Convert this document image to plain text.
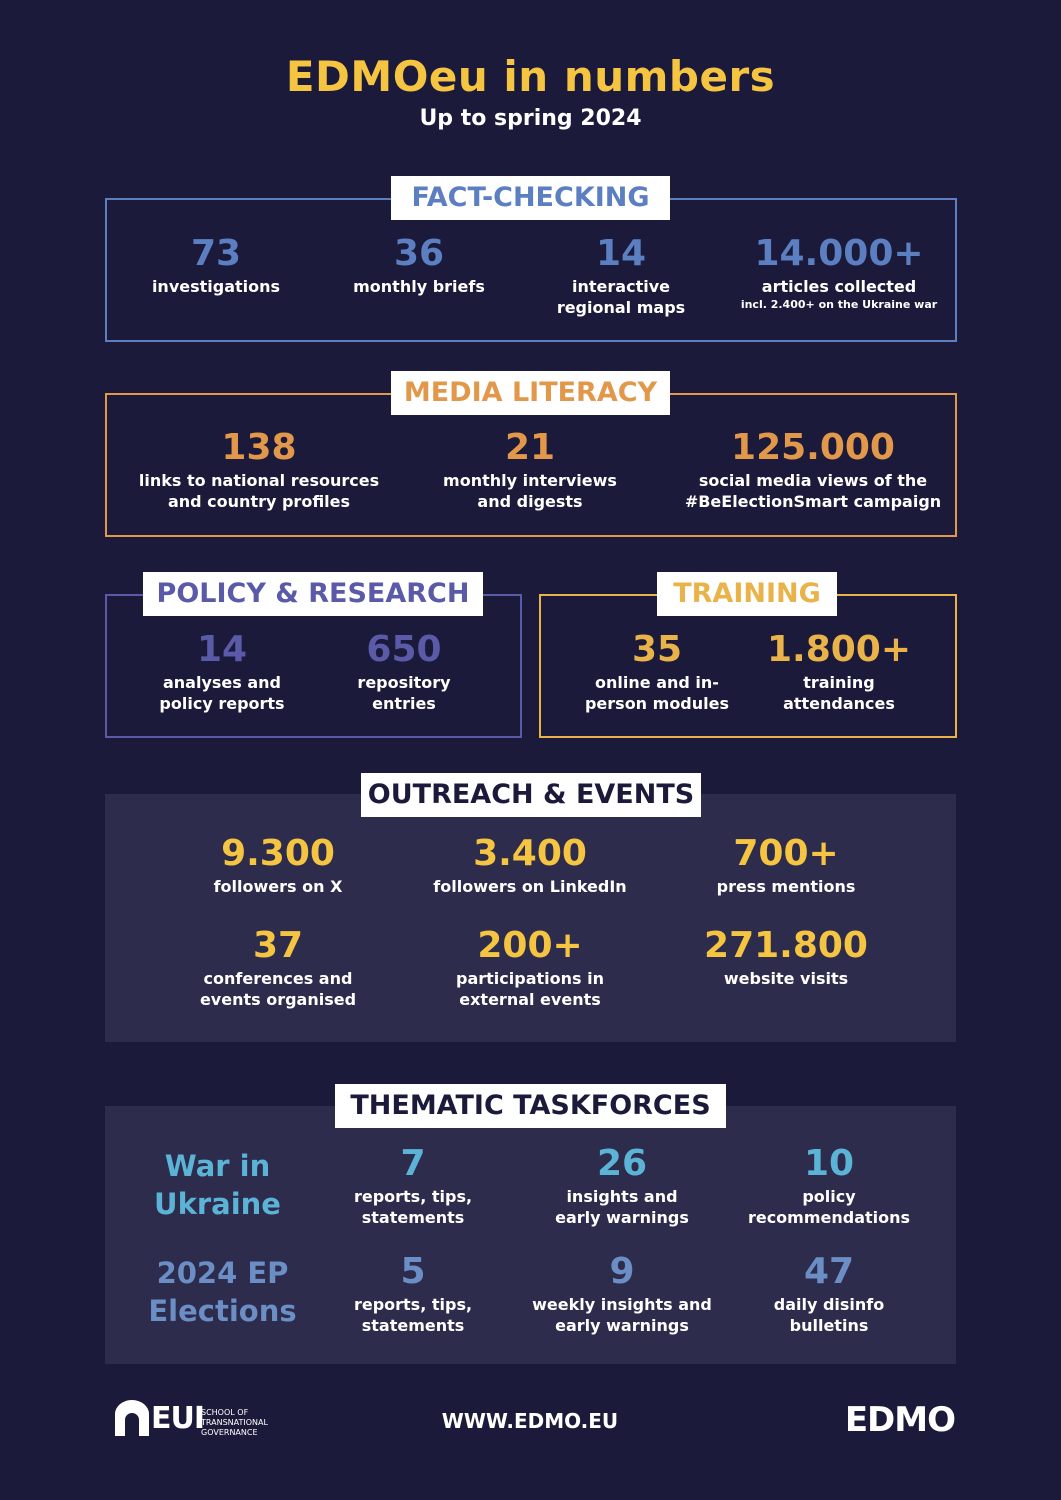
EDMOeu in numbers
Up to spring 2024
FACT-CHECKING
73
investigations
36
monthly briefs
14
interactive
regional maps
14.000+
articles collected
incl. 2.400+ on the Ukraine war
MEDIA LITERACY
138
links to national resources
and country profiles
21
monthly interviews
and digests
125.000
social media views of the
#BeElectionSmart campaign
POLICY & RESEARCH
14
analyses and
policy reports
650
repository
entries
TRAINING
35
online and in-
person modules
1.800+
training
attendances
OUTREACH & EVENTS
9.300
followers on X
3.400
followers on LinkedIn
700+
press mentions
37
conferences and
events organised
200+
participations in
external events
271.800
website visits
THEMATIC TASKFORCES
War in
Ukraine
7
reports, tips,
statements
26
insights and
early warnings
10
policy
recommendations
2024 EP
Elections
5
reports, tips,
statements
9
weekly insights and
early warnings
47
daily disinfo
bulletins
EUI
SCHOOL OF
TRANSNATIONAL
GOVERNANCE	WWW.EDMO.EU	EDMO
